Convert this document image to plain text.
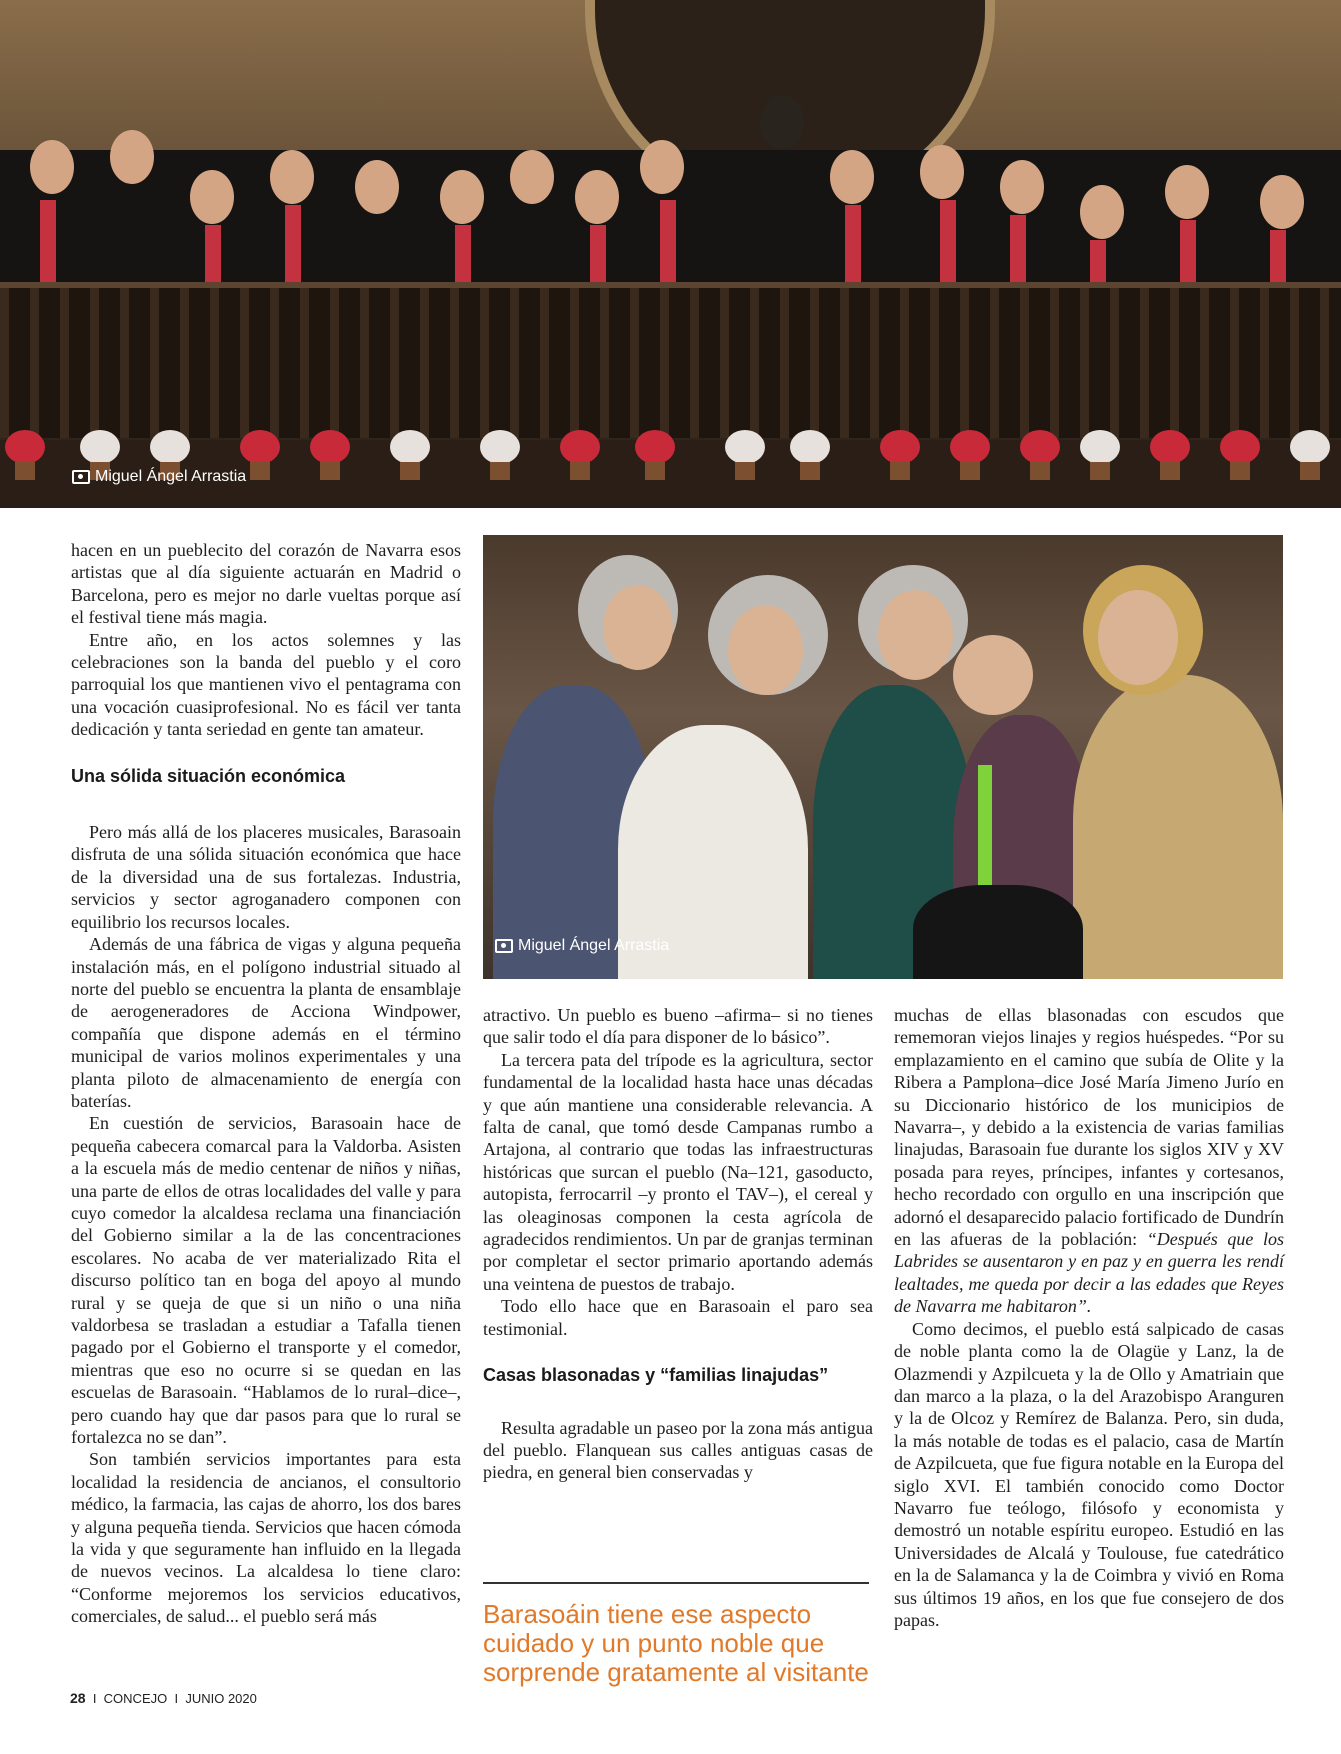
Miguel Ángel Arrastia
Miguel Ángel Arrastia

hacen en un pueblecito del corazón de Navarra esos artistas que al día siguiente actuarán en Madrid o Barcelona, pero es mejor no darle vueltas porque así el festival tiene más magia.

Entre año, en los actos solemnes y las celebraciones son la banda del pueblo y el coro parroquial los que mantienen vivo el pentagrama con una vocación cuasiprofesional. No es fácil ver tanta dedicación y tanta seriedad en gente tan amateur.

Una sólida situación económica

Pero más allá de los placeres musicales, Barasoain disfruta de una sólida situación económica que hace de la diversidad una de sus fortalezas. Industria, servicios y sector agroganadero componen con equilibrio los recursos locales.

Además de una fábrica de vigas y alguna pequeña instalación más, en el polígono industrial situado al norte del pueblo se encuentra la planta de ensamblaje de aerogeneradores de Acciona Windpower, compañía que dispone además en el término municipal de varios molinos experimentales y una planta piloto de almacenamiento de energía con baterías.

En cuestión de servicios, Barasoain hace de pequeña cabecera comarcal para la Valdorba. Asisten a la escuela más de medio centenar de niños y niñas, una parte de ellos de otras localidades del valle y para cuyo comedor la alcaldesa reclama una financiación del Gobierno similar a la de las concentraciones escolares. No acaba de ver materializado Rita el discurso político tan en boga del apoyo al mundo rural y se queja de que si un niño o una niña valdorbesa se trasladan a estudiar a Tafalla tienen pagado por el Gobierno el transporte y el comedor, mientras que eso no ocurre si se quedan en las escuelas de Barasoain. “Hablamos de lo rural–dice–, pero cuando hay que dar pasos para que lo rural se fortalezca no se dan”.

Son también servicios importantes para esta localidad la residencia de ancianos, el consultorio médico, la farmacia, las cajas de ahorro, los dos bares y alguna pequeña tienda. Servicios que hacen cómoda la vida y que seguramente han influido en la llegada de nuevos vecinos. La alcaldesa lo tiene claro: “Conforme mejoremos los servicios educativos, comerciales, de salud... el pueblo será más

atractivo. Un pueblo es bueno –afirma– si no tienes que salir todo el día para disponer de lo básico”.

La tercera pata del trípode es la agricultura, sector fundamental de la localidad hasta hace unas décadas y que aún mantiene una considerable relevancia. A falta de canal, que tomó desde Campanas rumbo a Artajona, al contrario que todas las infraestructuras históricas que surcan el pueblo (Na–121, gasoducto, autopista, ferrocarril –y pronto el TAV–), el cereal y las oleaginosas componen la cesta agrícola de agradecidos rendimientos. Un par de granjas terminan por completar el sector primario aportando además una veintena de puestos de trabajo.

Todo ello hace que en Barasoain el paro sea testimonial.

Casas blasonadas y “familias linajudas”

Resulta agradable un paseo por la zona más antigua del pueblo. Flanquean sus calles antiguas casas de piedra, en general bien conservadas y

Barasoáin tiene ese aspecto cuidado y un punto noble que sorprende gratamente al visitante

muchas de ellas blasonadas con escudos que rememoran viejos linajes y regios huéspedes. “Por su emplazamiento en el camino que subía de Olite y la Ribera a Pamplona–dice José María Jimeno Jurío en su Diccionario histórico de los municipios de Navarra–, y debido a la existencia de varias familias linajudas, Barasoain fue durante los siglos XIV y XV posada para reyes, príncipes, infantes y cortesanos, hecho recordado con orgullo en una inscripción que adornó el desaparecido palacio fortificado de Dundrín en las afueras de la población: “Después que los Labrides se ausentaron y en paz y en guerra les rendí lealtades, me queda por decir a las edades que Reyes de Navarra me habitaron”.

Como decimos, el pueblo está salpicado de casas de noble planta como la de Olagüe y Lanz, la de Olazmendi y Azpilcueta y la de Ollo y Amatriain que dan marco a la plaza, o la del Arazobispo Aranguren y la de Olcoz y Remírez de Balanza. Pero, sin duda, la más notable de todas es el palacio, casa de Martín de Azpilcueta, que fue figura notable en la Europa del siglo XVI. El también conocido como Doctor Navarro fue teólogo, filósofo y economista y demostró un notable espíritu europeo. Estudió en las Universidades de Alcalá y Toulouse, fue catedrático en la de Salamanca y la de Coimbra y vivió en Roma sus últimos 19 años, en los que fue consejero de dos papas.

28 I CONCEJO I JUNIO 2020
